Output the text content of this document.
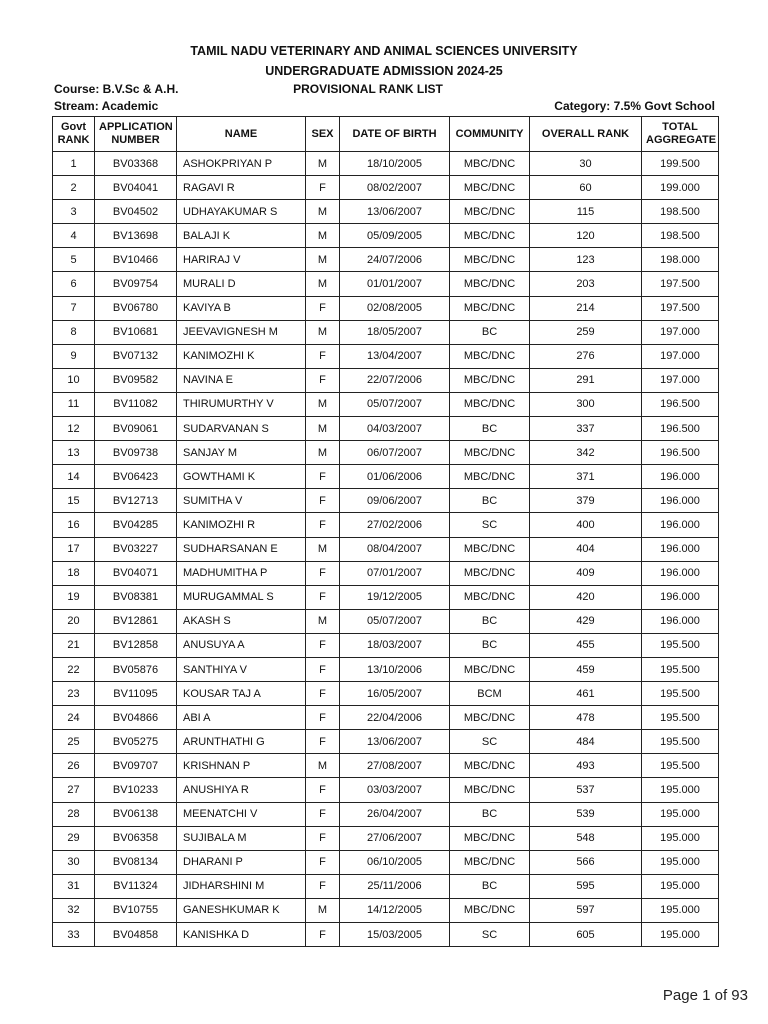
TAMIL NADU VETERINARY AND ANIMAL SCIENCES UNIVERSITY
UNDERGRADUATE ADMISSION 2024-25
Course: B.V.Sc & A.H.	PROVISIONAL RANK LIST
Stream: Academic	Category: 7.5% Govt School
Govt RANK	APPLICATION NUMBER	NAME	SEX	DATE OF BIRTH	COMMUNITY	OVERALL RANK	TOTAL AGGREGATE
1	BV03368	ASHOKPRIYAN P	M	18/10/2005	MBC/DNC	30	199.500
2	BV04041	RAGAVI R	F	08/02/2007	MBC/DNC	60	199.000
3	BV04502	UDHAYAKUMAR S	M	13/06/2007	MBC/DNC	115	198.500
4	BV13698	BALAJI K	M	05/09/2005	MBC/DNC	120	198.500
5	BV10466	HARIRAJ V	M	24/07/2006	MBC/DNC	123	198.000
6	BV09754	MURALI D	M	01/01/2007	MBC/DNC	203	197.500
7	BV06780	KAVIYA B	F	02/08/2005	MBC/DNC	214	197.500
8	BV10681	JEEVAVIGNESH M	M	18/05/2007	BC	259	197.000
9	BV07132	KANIMOZHI K	F	13/04/2007	MBC/DNC	276	197.000
10	BV09582	NAVINA E	F	22/07/2006	MBC/DNC	291	197.000
11	BV11082	THIRUMURTHY V	M	05/07/2007	MBC/DNC	300	196.500
12	BV09061	SUDARVANAN S	M	04/03/2007	BC	337	196.500
13	BV09738	SANJAY M	M	06/07/2007	MBC/DNC	342	196.500
14	BV06423	GOWTHAMI K	F	01/06/2006	MBC/DNC	371	196.000
15	BV12713	SUMITHA V	F	09/06/2007	BC	379	196.000
16	BV04285	KANIMOZHI R	F	27/02/2006	SC	400	196.000
17	BV03227	SUDHARSANAN E	M	08/04/2007	MBC/DNC	404	196.000
18	BV04071	MADHUMITHA P	F	07/01/2007	MBC/DNC	409	196.000
19	BV08381	MURUGAMMAL S	F	19/12/2005	MBC/DNC	420	196.000
20	BV12861	AKASH S	M	05/07/2007	BC	429	196.000
21	BV12858	ANUSUYA A	F	18/03/2007	BC	455	195.500
22	BV05876	SANTHIYA V	F	13/10/2006	MBC/DNC	459	195.500
23	BV11095	KOUSAR TAJ A	F	16/05/2007	BCM	461	195.500
24	BV04866	ABI A	F	22/04/2006	MBC/DNC	478	195.500
25	BV05275	ARUNTHATHI G	F	13/06/2007	SC	484	195.500
26	BV09707	KRISHNAN P	M	27/08/2007	MBC/DNC	493	195.500
27	BV10233	ANUSHIYA R	F	03/03/2007	MBC/DNC	537	195.000
28	BV06138	MEENATCHI V	F	26/04/2007	BC	539	195.000
29	BV06358	SUJIBALA M	F	27/06/2007	MBC/DNC	548	195.000
30	BV08134	DHARANI P	F	06/10/2005	MBC/DNC	566	195.000
31	BV11324	JIDHARSHINI M	F	25/11/2006	BC	595	195.000
32	BV10755	GANESHKUMAR K	M	14/12/2005	MBC/DNC	597	195.000
33	BV04858	KANISHKA D	F	15/03/2005	SC	605	195.000
Page 1 of 93
